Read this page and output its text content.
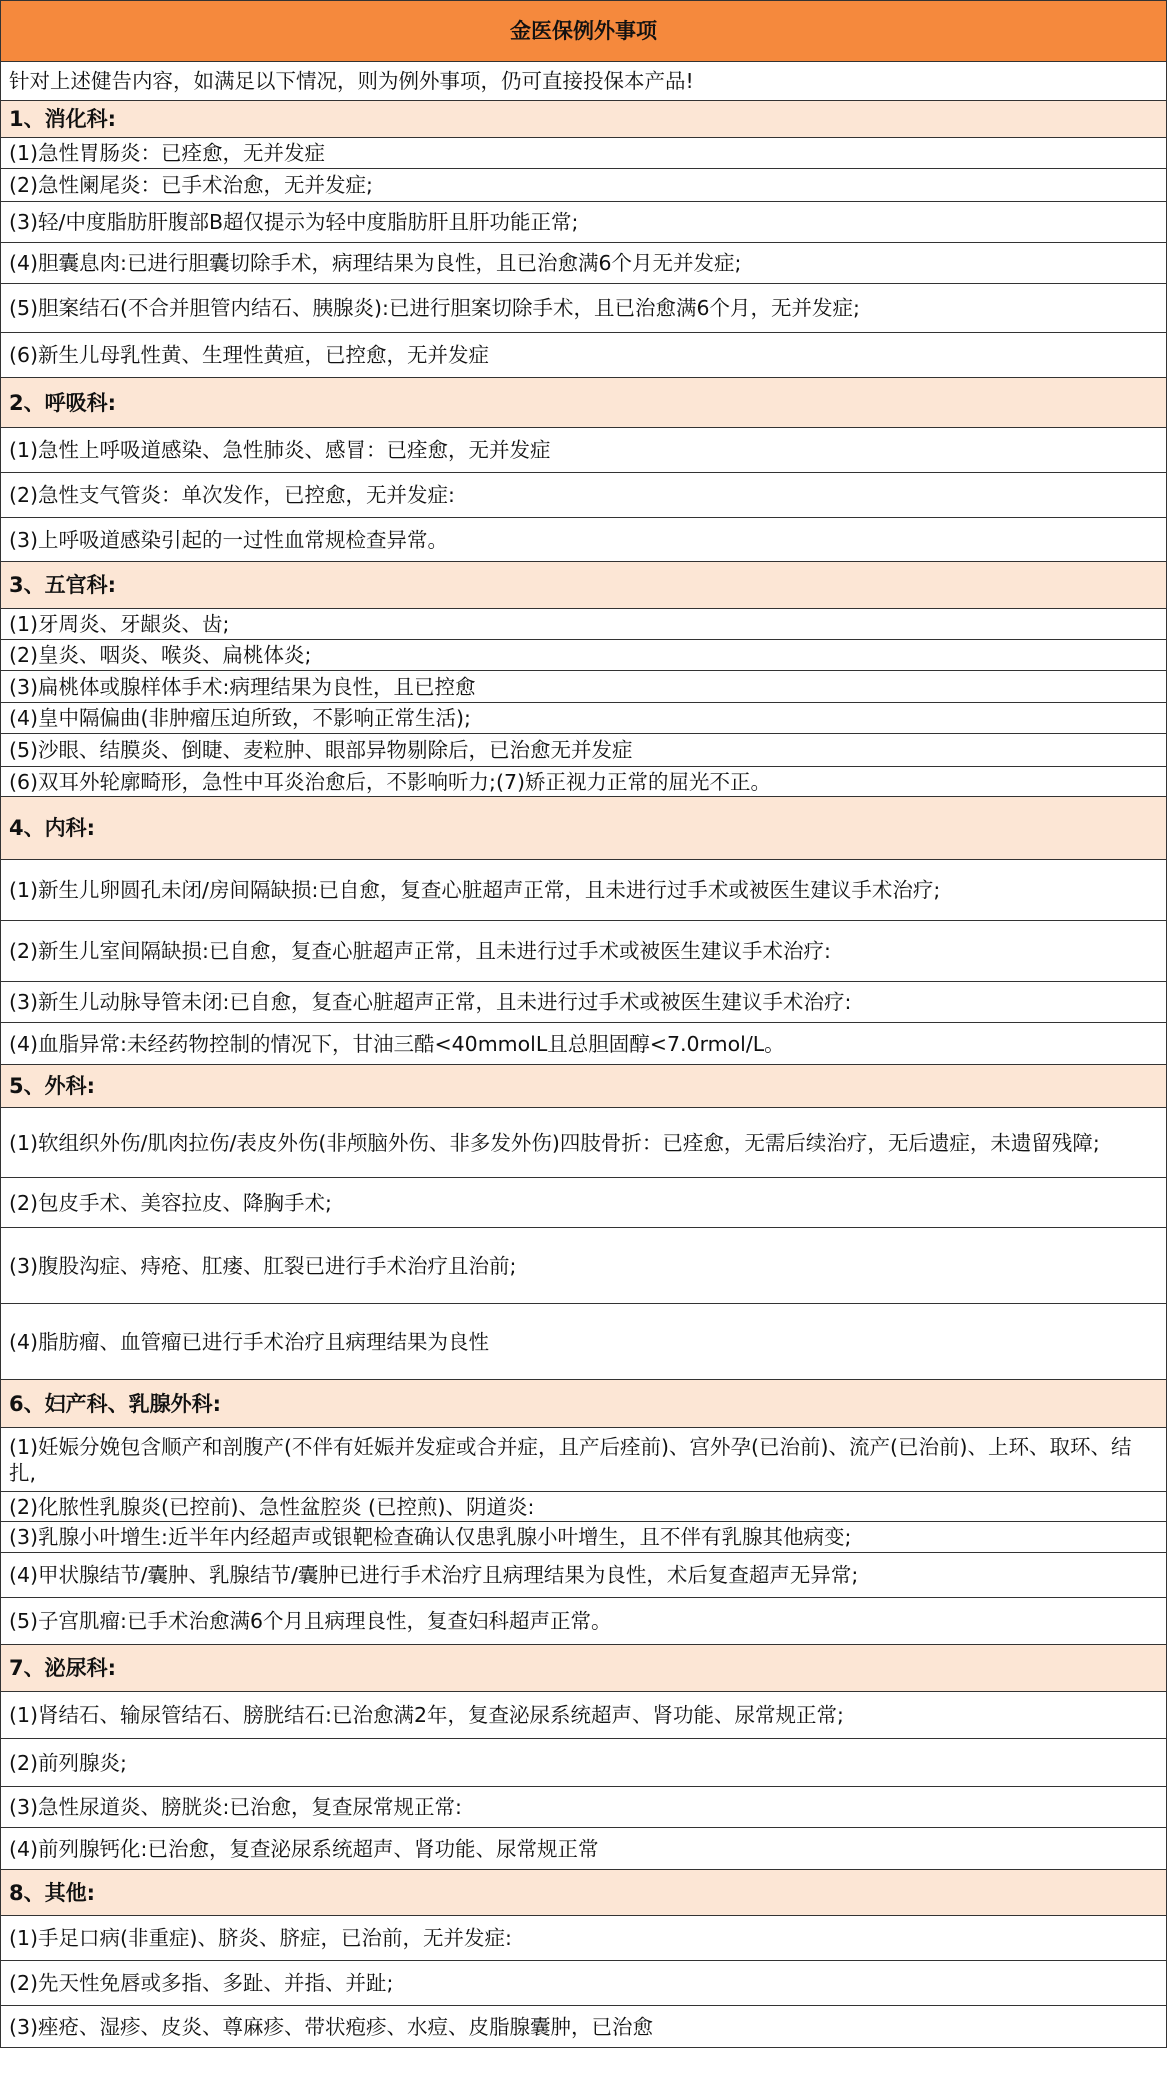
金医保例外事项
针对上述健告内容，如满足以下情况，则为例外事项，仍可直接投保本产品!
1、消化科:
(1)急性胃肠炎：已痊愈，无并发症
(2)急性阑尾炎：已手术治愈，无并发症;
(3)轻/中度脂肪肝腹部B超仅提示为轻中度脂肪肝且肝功能正常;
(4)胆囊息肉:已进行胆囊切除手术，病理结果为良性，且已治愈满6个月无并发症;
(5)胆案结石(不合并胆管内结石、胰腺炎):已进行胆案切除手术，且已治愈满6个月，无并发症;
(6)新生儿母乳性黄、生理性黄疸，已控愈，无并发症
2、呼吸科:
(1)急性上呼吸道感染、急性肺炎、感冒：已痊愈，无并发症
(2)急性支气管炎：单次发作，已控愈，无并发症:
(3)上呼吸道感染引起的一过性血常规检查异常。
3、五官科:
(1)牙周炎、牙龈炎、齿;
(2)皇炎、咽炎、喉炎、扁桃体炎;
(3)扁桃体或腺样体手术:病理结果为良性，且已控愈
(4)皇中隔偏曲(非肿瘤压迫所致，不影响正常生活);
(5)沙眼、结膜炎、倒睫、麦粒肿、眼部异物剔除后，已治愈无并发症
(6)双耳外轮廓畸形，急性中耳炎治愈后，不影响听力;(7)矫正视力正常的屈光不正。
4、内科:
(1)新生儿卵圆孔未闭/房间隔缺损:已自愈，复查心脏超声正常，且未进行过手术或被医生建议手术治疗;
(2)新生儿室间隔缺损:已自愈，复查心脏超声正常，且未进行过手术或被医生建议手术治疗:
(3)新生儿动脉导管未闭:已自愈，复查心脏超声正常，且未进行过手术或被医生建议手术治疗:
(4)血脂异常:未经药物控制的情况下，甘油三酷<40mmolL且总胆固醇<7.0rmol/L。
5、外科:
(1)软组织外伤/肌肉拉伤/表皮外伤(非颅脑外伤、非多发外伤)四肢骨折：已痊愈，无需后续治疗，无后遗症，未遗留残障;
(2)包皮手术、美容拉皮、降胸手术;
(3)腹股沟症、痔疮、肛瘘、肛裂已进行手术治疗且治前;
(4)脂肪瘤、血管瘤已进行手术治疗且病理结果为良性
6、妇产科、乳腺外科:
(1)妊娠分娩包含顺产和剖腹产(不伴有妊娠并发症或合并症，且产后痊前)、宫外孕(已治前)、流产(已治前)、上环、取环、结扎,
(2)化脓性乳腺炎(已控前)、急性盆腔炎 (已控煎)、阴道炎:
(3)乳腺小叶增生:近半年内经超声或银靶检查确认仅患乳腺小叶增生，且不伴有乳腺其他病变;
(4)甲状腺结节/囊肿、乳腺结节/囊肿已进行手术治疗且病理结果为良性，术后复查超声无异常;
(5)子宫肌瘤:已手术治愈满6个月且病理良性，复查妇科超声正常。
7、泌尿科:
(1)肾结石、输尿管结石、膀胱结石:已治愈满2年，复查泌尿系统超声、肾功能、尿常规正常;
(2)前列腺炎;
(3)急性尿道炎、膀胱炎:已治愈，复查尿常规正常:
(4)前列腺钙化:已治愈，复查泌尿系统超声、肾功能、尿常规正常
8、其他:
(1)手足口病(非重症)、脐炎、脐症，已治前，无并发症:
(2)先天性免唇或多指、多趾、并指、并趾;
(3)痤疮、湿疹、皮炎、尊麻疹、带状疱疹、水痘、皮脂腺囊肿，已治愈
